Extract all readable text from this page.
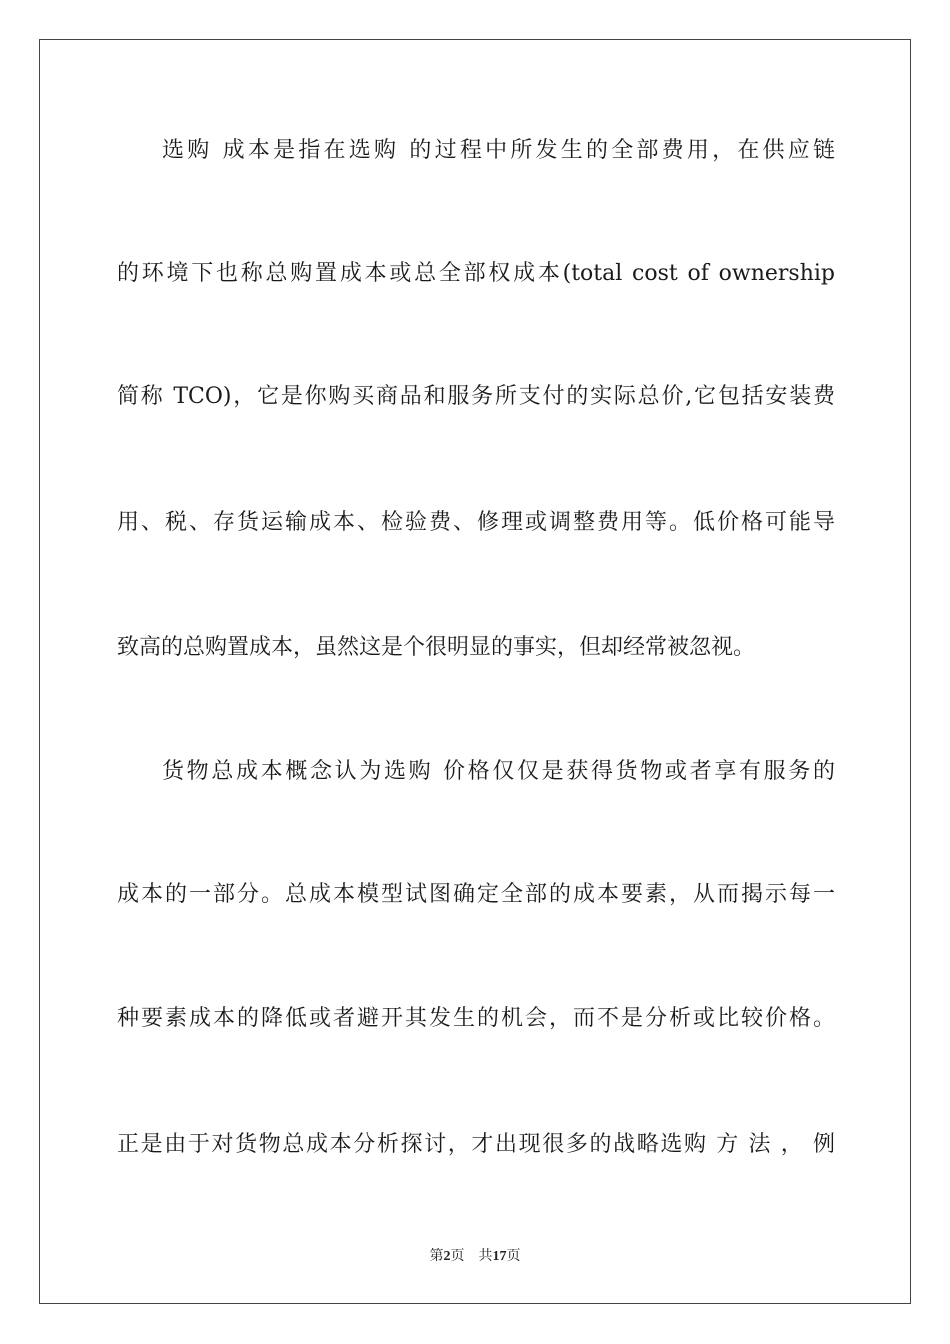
选购 成本是指在选购 的过程中所发生的全部费用，在供应链
的环境下也称总购置成本或总全部权成本(total cost of ownership
简称 TCO)，它是你购买商品和服务所支付的实际总价,它包括安装费
用、税、存货运输成本、检验费、修理或调整费用等。低价格可能导
致高的总购置成本，虽然这是个很明显的事实，但却经常被忽视。
货物总成本概念认为选购 价格仅仅是获得货物或者享有服务的
成本的一部分。总成本模型试图确定全部的成本要素，从而揭示每一
种要素成本的降低或者避开其发生的机会，而不是分析或比较价格。
正是由于对货物总成本分析探讨，才出现很多的战略选购 方 法 ， 例
第2页 共17页
